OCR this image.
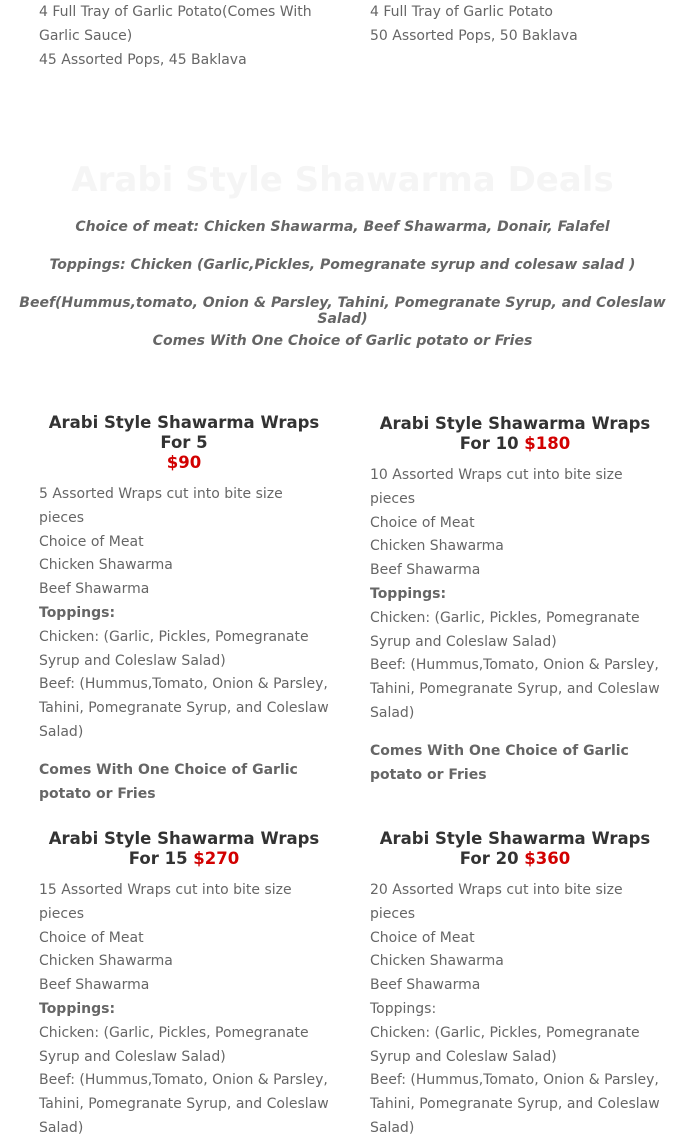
4 Full Tray of Garlic Potato(Comes With Garlic Sauce)
45 Assorted Pops, 45 Baklava
4 Full Tray of Garlic Potato
50 Assorted Pops, 50 Baklava
Arabi Style Shawarma Deals
Choice of meat: Chicken Shawarma, Beef Shawarma, Donair, Falafel
Toppings: Chicken (Garlic,Pickles, Pomegranate syrup and colesaw salad )
Beef(Hummus,tomato, Onion & Parsley, Tahini, Pomegranate Syrup, and Coleslaw Salad)
Comes With One Choice of Garlic potato or Fries
Arabi Style Shawarma Wraps For 5
$90
5 Assorted Wraps cut into bite size pieces
Choice of Meat
Chicken Shawarma
Beef Shawarma
Toppings:
Chicken: (Garlic, Pickles, Pomegranate Syrup and Coleslaw Salad)
Beef: (Hummus,Tomato, Onion & Parsley, Tahini, Pomegranate Syrup, and Coleslaw Salad)
Comes With One Choice of Garlic potato or Fries
Arabi Style Shawarma Wraps For 10 $180
10 Assorted Wraps cut into bite size pieces
Choice of Meat
Chicken Shawarma
Beef Shawarma
Toppings:
Chicken: (Garlic, Pickles, Pomegranate Syrup and Coleslaw Salad)
Beef: (Hummus,Tomato, Onion & Parsley, Tahini, Pomegranate Syrup, and Coleslaw Salad)
Comes With One Choice of Garlic potato or Fries
Arabi Style Shawarma Wraps For 15 $270
15 Assorted Wraps cut into bite size pieces
Choice of Meat
Chicken Shawarma
Beef Shawarma
Toppings:
Chicken: (Garlic, Pickles, Pomegranate Syrup and Coleslaw Salad)
Beef: (Hummus,Tomato, Onion & Parsley, Tahini, Pomegranate Syrup, and Coleslaw Salad)
Arabi Style Shawarma Wraps For 20 $360
20 Assorted Wraps cut into bite size pieces
Choice of Meat
Chicken Shawarma
Beef Shawarma
Toppings:
Chicken: (Garlic, Pickles, Pomegranate Syrup and Coleslaw Salad)
Beef: (Hummus,Tomato, Onion & Parsley, Tahini, Pomegranate Syrup, and Coleslaw Salad)
